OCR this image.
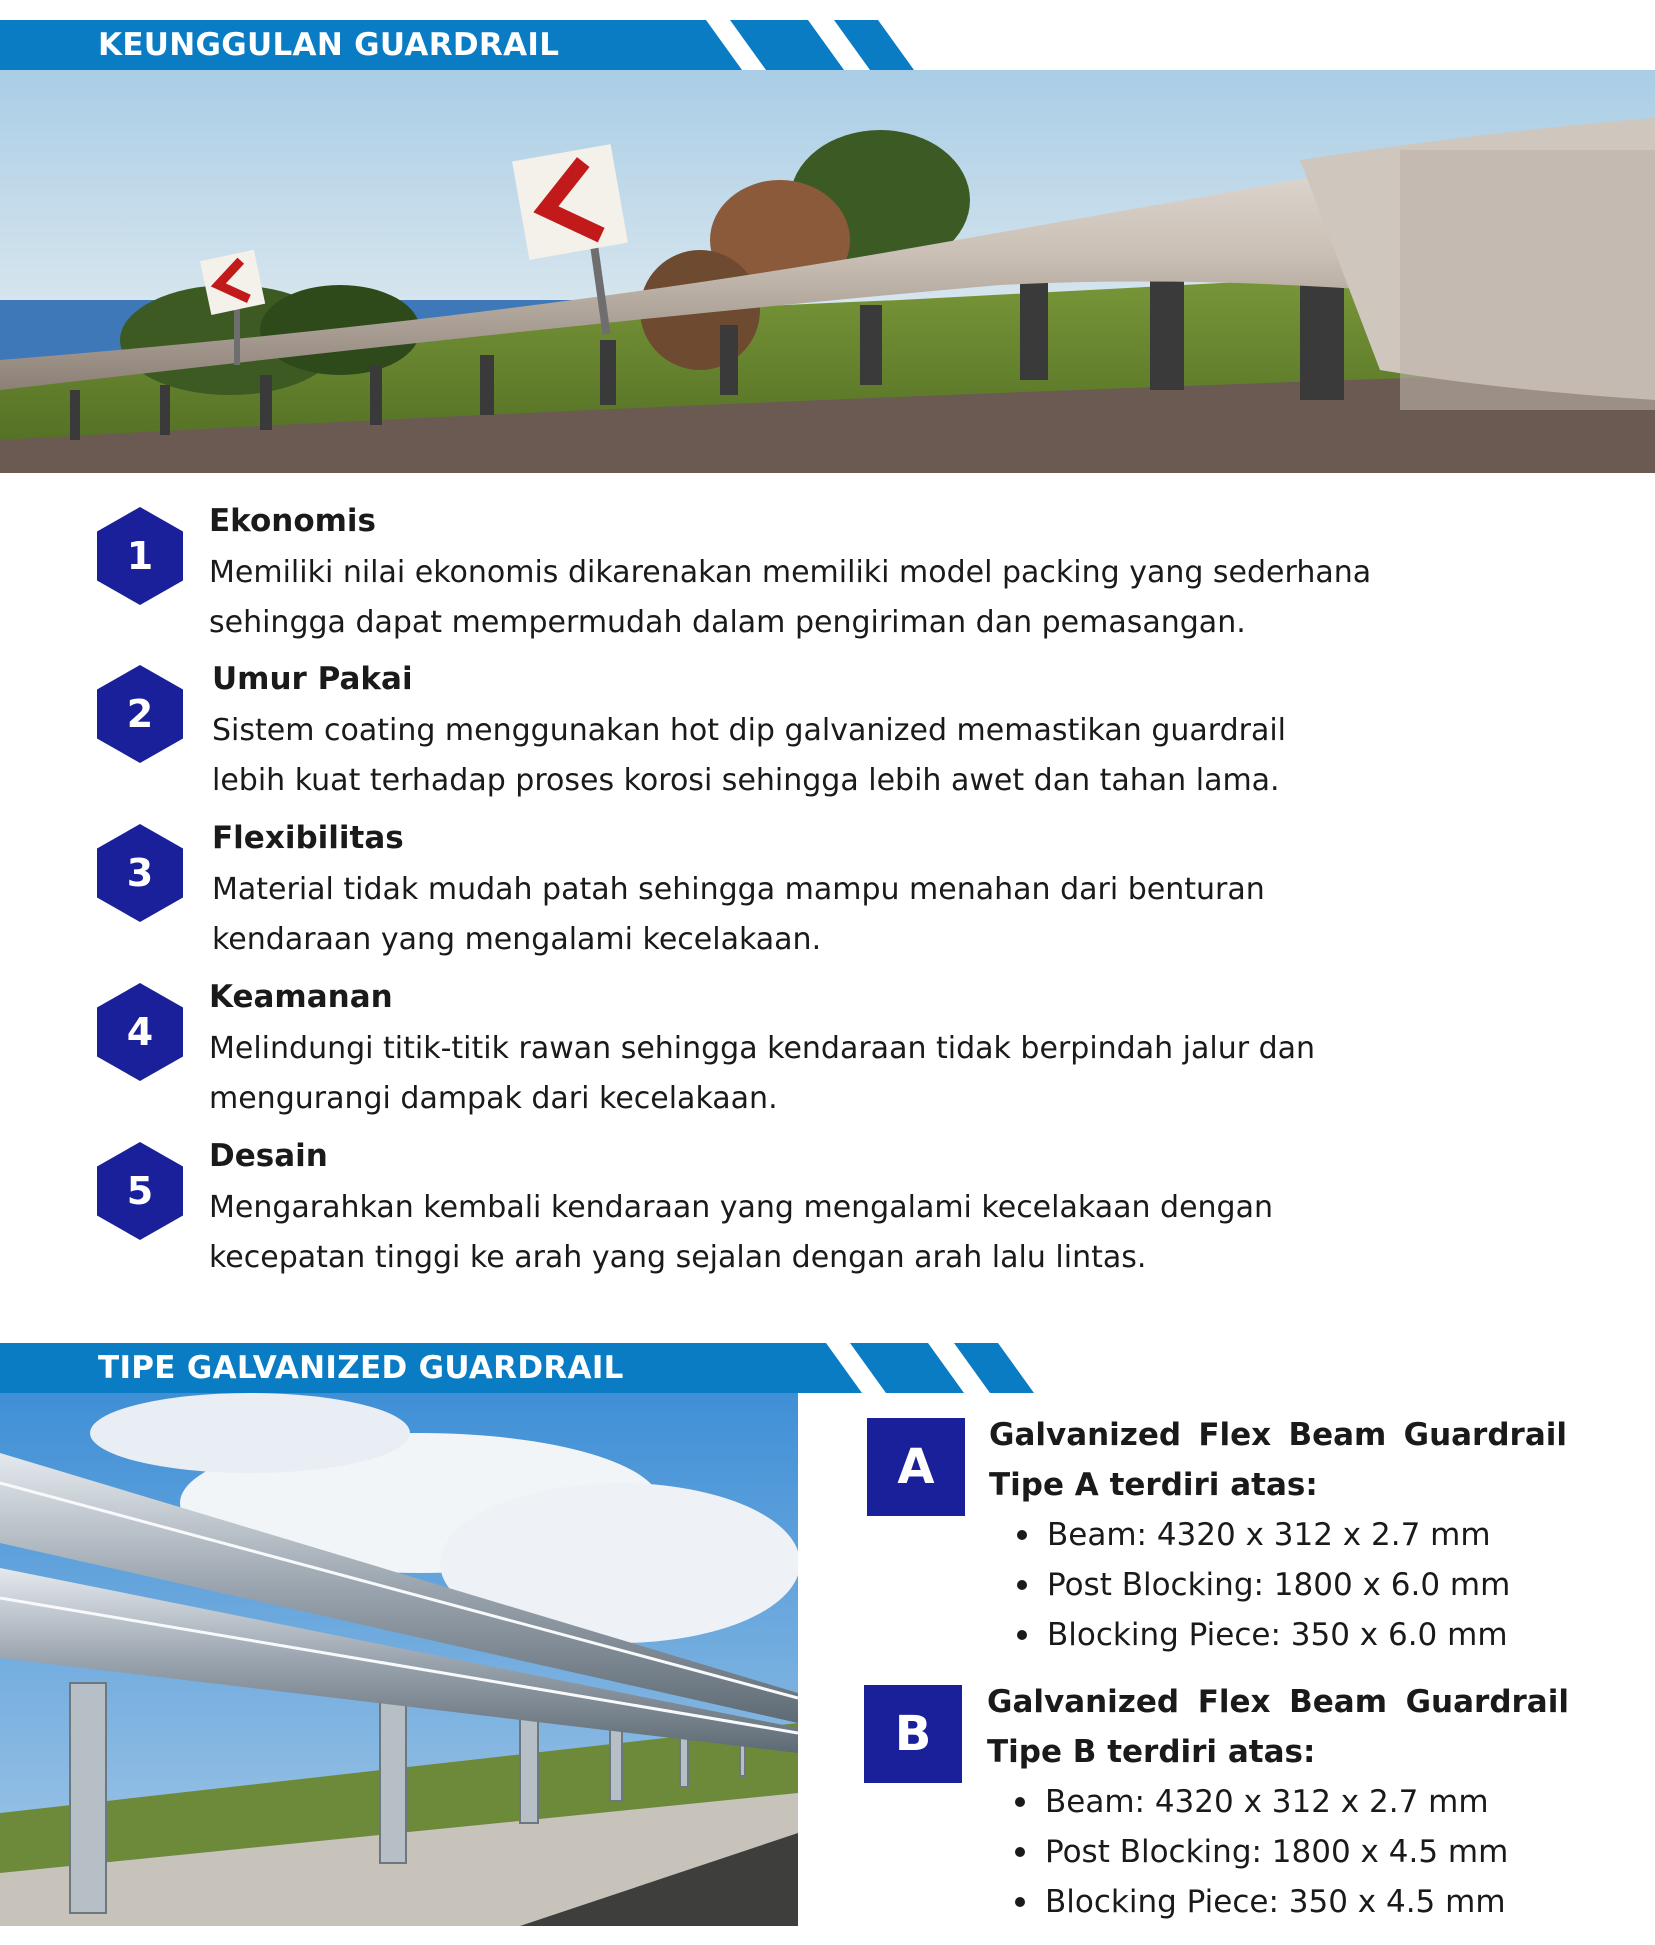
KEUNGGULAN GUARDRAIL
1
Ekonomis
Memiliki nilai ekonomis dikarenakan memiliki model packing yang sederhana
sehingga dapat mempermudah dalam pengiriman dan pemasangan.
2
Umur Pakai
Sistem coating menggunakan hot dip galvanized memastikan guardrail
lebih kuat terhadap proses korosi sehingga lebih awet dan tahan lama.
3
Flexibilitas
Material tidak mudah patah sehingga mampu menahan dari benturan
kendaraan yang mengalami kecelakaan.
4
Keamanan
Melindungi titik-titik rawan sehingga kendaraan tidak berpindah jalur dan
mengurangi dampak dari kecelakaan.
5
Desain
Mengarahkan kembali kendaraan yang mengalami kecelakaan dengan
kecepatan tinggi ke arah yang sejalan dengan arah lalu lintas.
TIPE GALVANIZED GUARDRAIL
A
Galvanized Flex Beam Guardrail
Tipe A terdiri atas:
Beam: 4320 x 312 x 2.7 mm
Post Blocking: 1800 x 6.0 mm
Blocking Piece: 350 x 6.0 mm
B
Galvanized Flex Beam Guardrail
Tipe B terdiri atas:
Beam: 4320 x 312 x 2.7 mm
Post Blocking: 1800 x 4.5 mm
Blocking Piece: 350 x 4.5 mm
